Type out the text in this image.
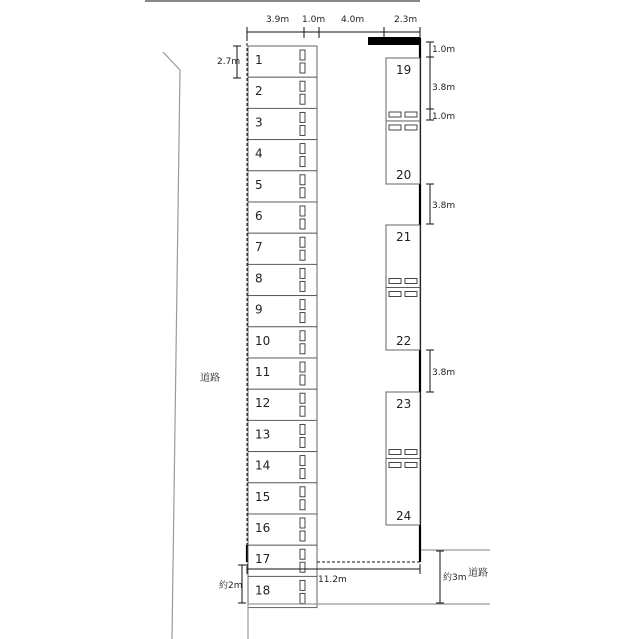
道路
3.9m 1.0m 4.0m	2.3m
2.7m 1
2
3
4
5
6
7
8
9
10
11
12
13
14
15
16
17
18
19
20
21
22
23
24
1.0m
3.8m
1.0m
3.8m
3.8m
11.2m
約2m
約3m 道路
